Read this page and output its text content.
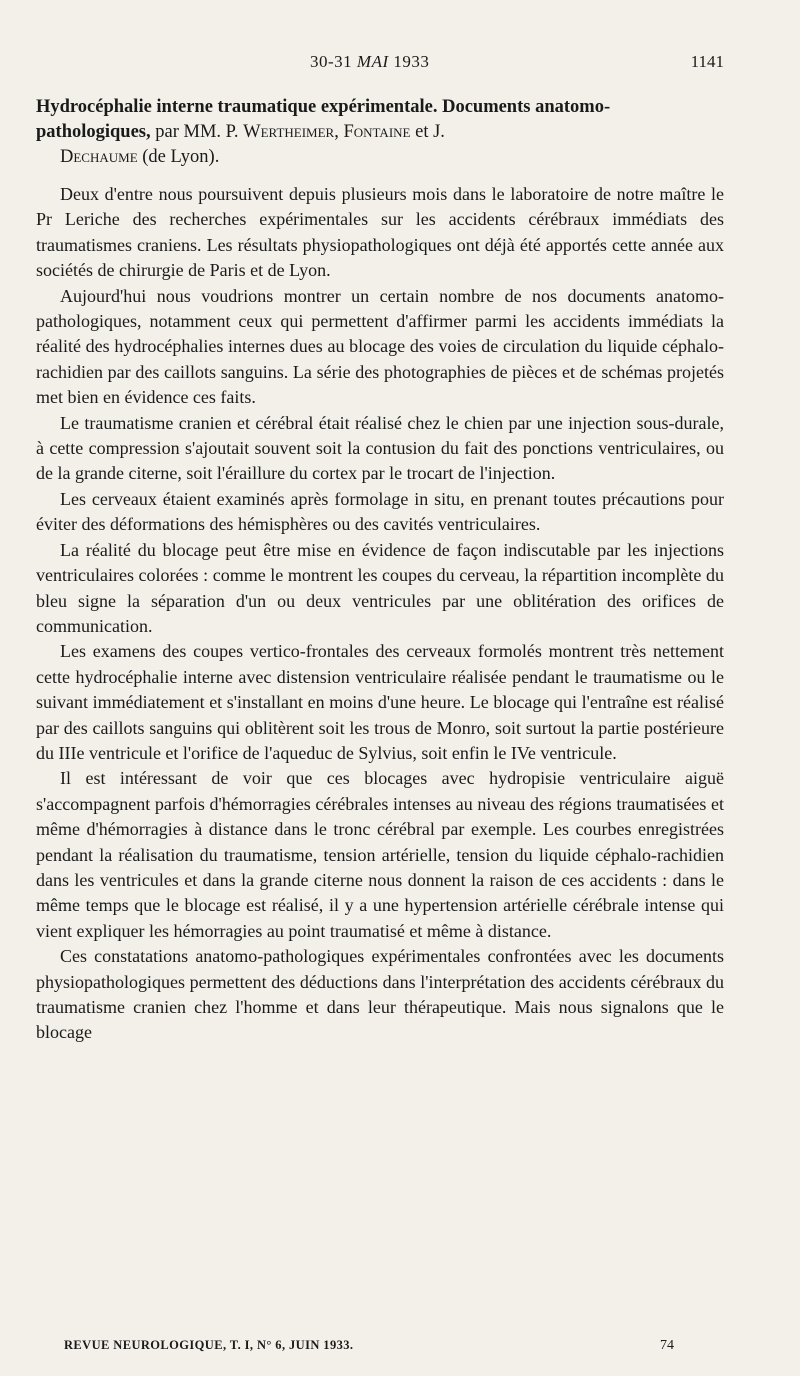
30-31 MAI 1933	1141
Hydrocéphalie interne traumatique expérimentale. Documents anatomo-pathologiques, par MM. P. Wertheimer, Fontaine et J.
Dechaume (de Lyon).

Deux d'entre nous poursuivent depuis plusieurs mois dans le laboratoire de notre maître le Pr Leriche des recherches expérimentales sur les accidents cérébraux immédiats des traumatismes craniens. Les résultats physiopathologiques ont déjà été apportés cette année aux sociétés de chirurgie de Paris et de Lyon.

Aujourd'hui nous voudrions montrer un certain nombre de nos documents anatomo-pathologiques, notamment ceux qui permettent d'affirmer parmi les accidents immédiats la réalité des hydrocéphalies internes dues au blocage des voies de circulation du liquide céphalo-rachidien par des caillots sanguins. La série des photographies de pièces et de schémas projetés met bien en évidence ces faits.

Le traumatisme cranien et cérébral était réalisé chez le chien par une injection sous-durale, à cette compression s'ajoutait souvent soit la contusion du fait des ponctions ventriculaires, ou de la grande citerne, soit l'éraillure du cortex par le trocart de l'injection.

Les cerveaux étaient examinés après formolage in situ, en prenant toutes précautions pour éviter des déformations des hémisphères ou des cavités ventriculaires.

La réalité du blocage peut être mise en évidence de façon indiscutable par les injections ventriculaires colorées : comme le montrent les coupes du cerveau, la répartition incomplète du bleu signe la séparation d'un ou deux ventricules par une oblitération des orifices de communication.

Les examens des coupes vertico-frontales des cerveaux formolés montrent très nettement cette hydrocéphalie interne avec distension ventriculaire réalisée pendant le traumatisme ou le suivant immédiatement et s'installant en moins d'une heure. Le blocage qui l'entraîne est réalisé par des caillots sanguins qui oblitèrent soit les trous de Monro, soit surtout la partie postérieure du IIIe ventricule et l'orifice de l'aqueduc de Sylvius, soit enfin le IVe ventricule.

Il est intéressant de voir que ces blocages avec hydropisie ventriculaire aiguë s'accompagnent parfois d'hémorragies cérébrales intenses au niveau des régions traumatisées et même d'hémorragies à distance dans le tronc cérébral par exemple. Les courbes enregistrées pendant la réalisation du traumatisme, tension artérielle, tension du liquide céphalo-rachidien dans les ventricules et dans la grande citerne nous donnent la raison de ces accidents : dans le même temps que le blocage est réalisé, il y a une hypertension artérielle cérébrale intense qui vient expliquer les hémorragies au point traumatisé et même à distance.

Ces constatations anatomo-pathologiques expérimentales confrontées avec les documents physiopathologiques permettent des déductions dans l'interprétation des accidents cérébraux du traumatisme cranien chez l'homme et dans leur thérapeutique. Mais nous signalons que le blocage

REVUE NEUROLOGIQUE, T. I, N° 6, JUIN 1933.	74
